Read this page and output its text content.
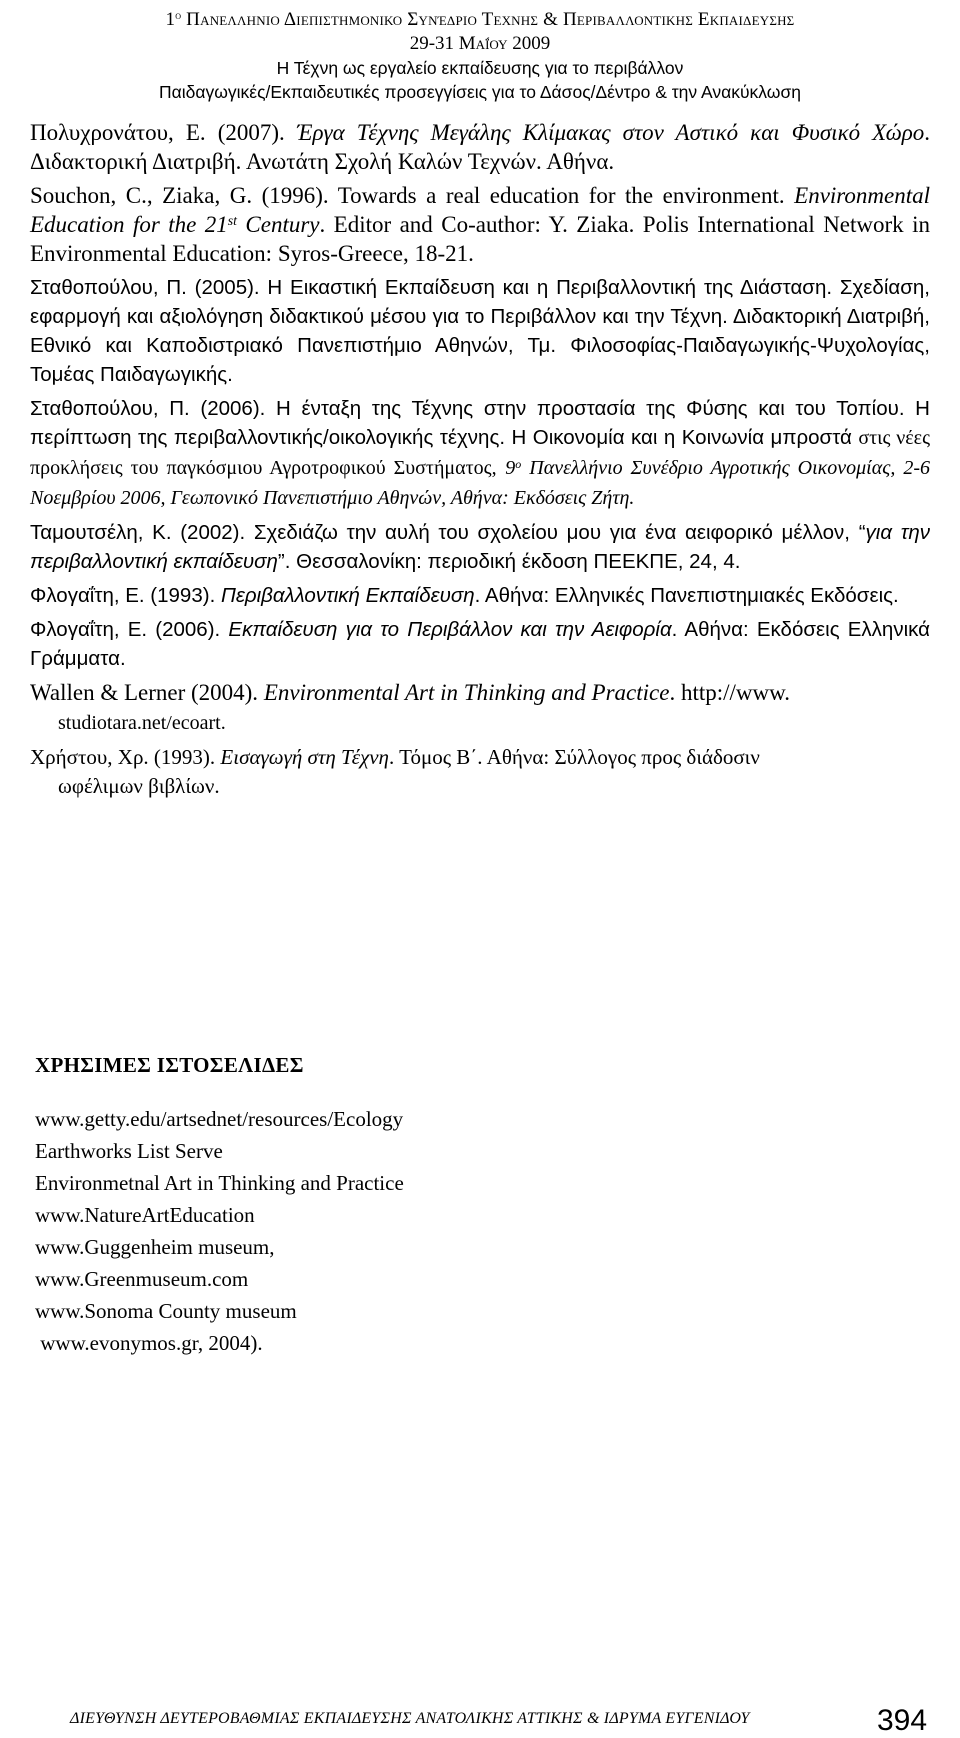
$1^o$ Πανελληνιο Διεπιστημονικο Συνέδριο Τεχνης & Περιβαλλοντικης Εκπαιδευσης
29-31 Μαΐου 2009
Η Τέχνη ως εργαλείο εκπαίδευσης για το περιβάλλον
Παιδαγωγικές/Εκπαιδευτικές προσεγγίσεις για το Δάσος/Δέντρο & την Ανακύκλωση
Πολυχρονάτου, Ε. (2007). Έργα Τέχνης Μεγάλης Κλίμακας στον Αστικό και Φυσικό Χώρο. Διδακτορική Διατριβή. Ανωτάτη Σχολή Καλών Τεχνών. Αθήνα.
Souchon, C., Ziaka, G. (1996). Towards a real education for the environment. Environmental Education for the 21st Century. Editor and Co-author: Y. Ziaka. Polis International Network in Environmental Education: Syros-Greece, 18-21.
Σταθοπούλου, Π. (2005). Η Εικαστική Εκπαίδευση και η Περιβαλλοντική της Διάσταση. Σχεδίαση, εφαρμογή και αξιολόγηση διδακτικού μέσου για το Περιβάλλον και την Τέχνη. Διδακτορική Διατριβή, Εθνικό και Καποδιστριακό Πανεπιστήμιο Αθηνών, Τμ. Φιλοσοφίας-Παιδαγωγικής-Ψυχολογίας, Τομέας Παιδαγωγικής.
Σταθοπούλου, Π. (2006). Η ένταξη της Τέχνης στην προστασία της Φύσης και του Τοπίου. Η περίπτωση της περιβαλλοντικής/οικολογικής τέχνης. Η Οικονομία και η Κοινωνία μπροστά στις νέες προκλήσεις του παγκόσμιου Αγροτροφικού Συστήματος, $9^o$ Πανελλήνιο Συνέδριο Αγροτικής Οικονομίας, 2-6 Νοεμβρίου 2006, Γεωπονικό Πανεπιστήμιο Αθηνών, Αθήνα: Εκδόσεις Ζήτη.
Ταμουτσέλη, Κ. (2002). Σχεδιάζω την αυλή του σχολείου μου για ένα αειφορικό μέλλον, “για την περιβαλλοντική εκπαίδευση”. Θεσσαλονίκη: περιοδική έκδοση ΠΕΕΚΠΕ, 24, 4.
Φλογαΐτη, Ε. (1993). Περιβαλλοντική Εκπαίδευση. Αθήνα: Ελληνικές Πανεπιστημιακές Εκδόσεις.
Φλογαΐτη, Ε. (2006). Εκπαίδευση για το Περιβάλλον και την Αειφορία. Αθήνα: Εκδόσεις Ελληνικά Γράμματα.
Wallen & Lerner (2004). Environmental Art in Thinking and Practice. http://www.
studiotara.net/ecoart.
Χρήστου, Χρ. (1993). Εισαγωγή στη Τέχνη. Τόμος Β΄. Αθήνα: Σύλλογος προς διάδοσιν
ωφέλιμων βιβλίων.
ΧΡΗΣΙΜΕΣ ΙΣΤΟΣΕΛΙΔΕΣ
www.getty.edu/artsednet/resources/Ecology
Earthworks List Serve
Environmetnal Art in Thinking and Practice
www.NatureArtEducation
www.Guggenheim museum,
www.Greenmuseum.com
www.Sonoma County museum
www.evonymos.gr, 2004).
ΔΙΕΥΘΥΝΣΗ ΔΕΥΤΕΡΟΒΑΘΜΙΑΣ ΕΚΠΑΙΔΕΥΣΗΣ ΑΝΑΤΟΛΙΚΗΣ ΑΤΤΙΚΗΣ & ΙΔΡΥΜΑ ΕΥΓΕΝΙΔΟΥ	394
